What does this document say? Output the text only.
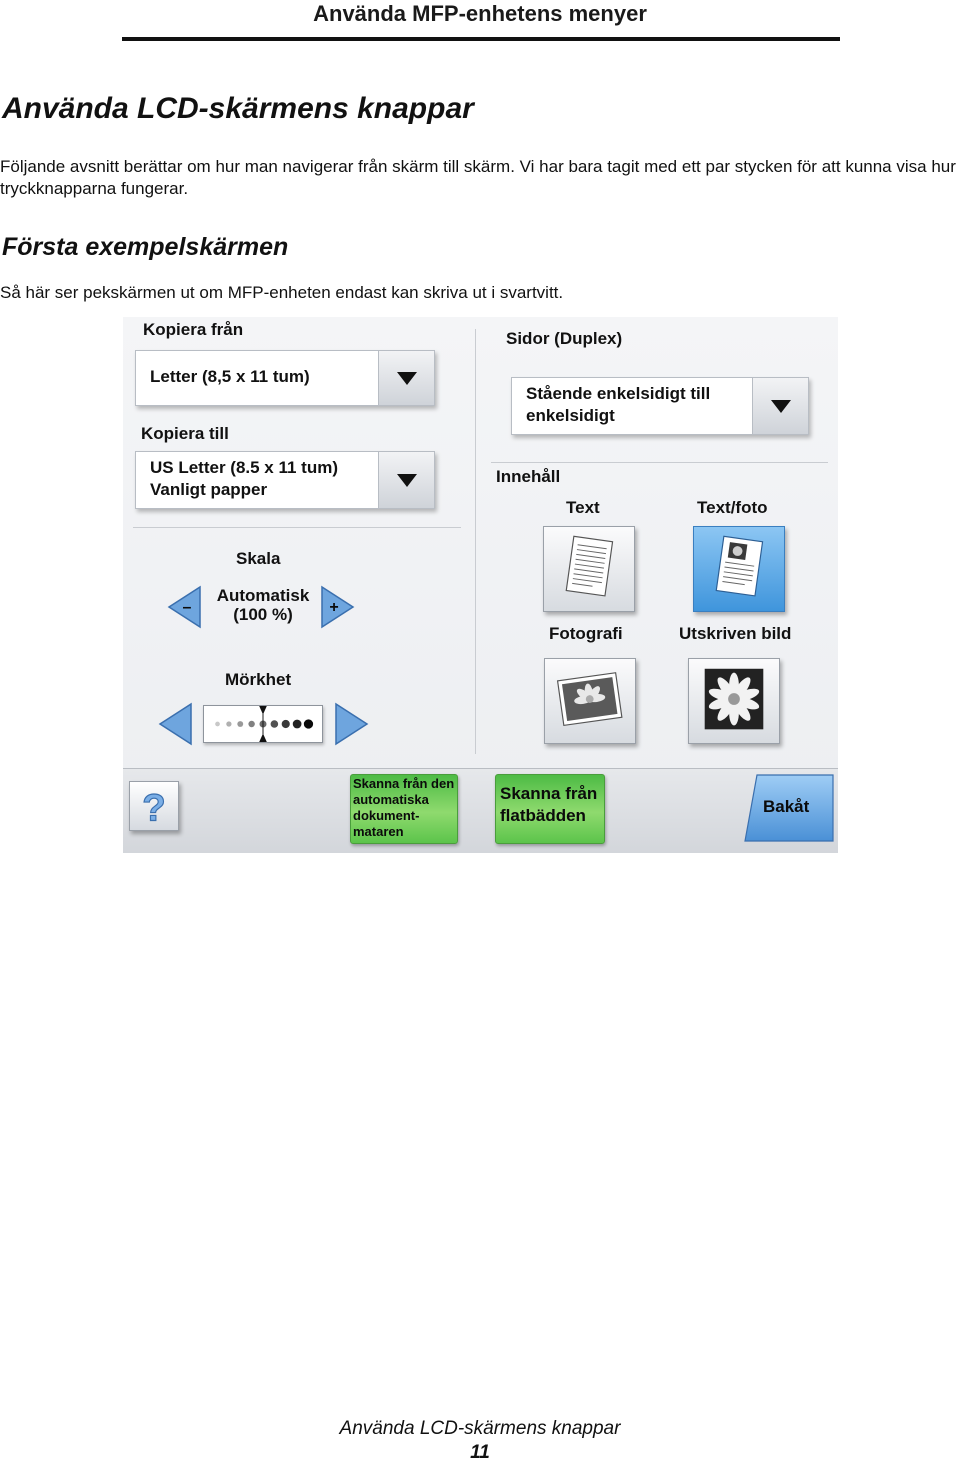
Använda MFP-enhetens menyer
Använda LCD-skärmens knappar
Följande avsnitt berättar om hur man navigerar från skärm till skärm. Vi har bara tagit med ett par stycken för att kunna visa hur tryckknapparna fungerar.
Första exempelskärmen
Så här ser pekskärmen ut om MFP-enheten endast kan skriva ut i svartvitt.
Kopiera från
Letter (8,5 x 11 tum)
Kopiera till
US Letter (8.5 x 11 tum)
Vanligt papper
Skala
–
Automatisk
(100 %)	+
Mörkhet
Sidor (Duplex)
Stående enkelsidigt till
enkelsidigt
Innehåll
Text	Text/foto
Fotografi	Utskriven bild
?
Skanna från den
automatiska
dokument-
mataren
Skanna från
flatbädden	Bakåt
Använda LCD-skärmens knappar
11
